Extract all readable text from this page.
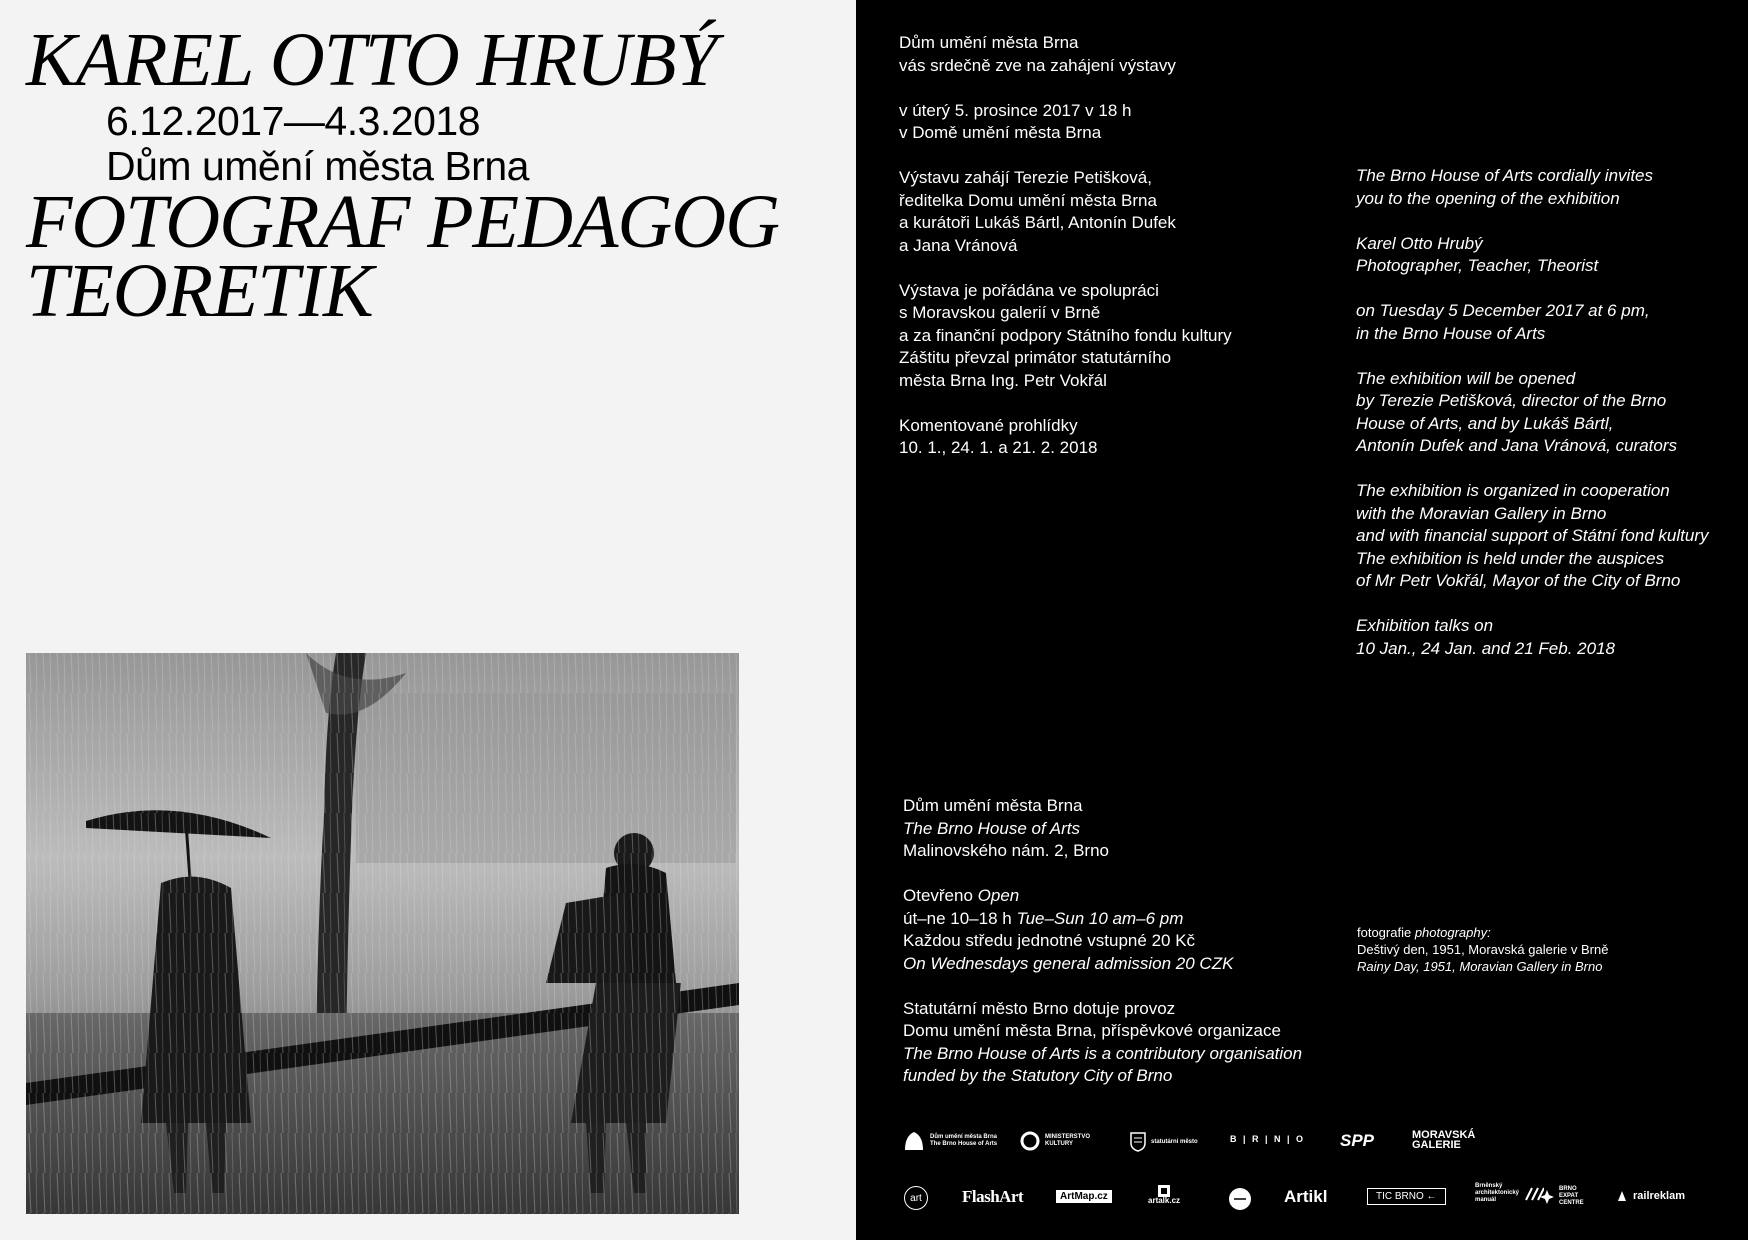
KAREL OTTO HRUBÝ
6.12.2017—4.3.2018
Dům umění města Brna
FOTOGRAF PEDAGOG
TEORETIK

Dům umění města Brna

vás srdečně zve na zahájení výstavy

v úterý 5. prosince 2017 v 18 h

v Domě umění města Brna

Výstavu zahájí Terezie Petišková,

ředitelka Domu umění města Brna

a kurátoři Lukáš Bártl, Antonín Dufek

a Jana Vránová

Výstava je pořádána ve spolupráci

s Moravskou galerií v Brně

a za finanční podpory Státního fondu kultury

Záštitu převzal primátor statutárního

města Brna Ing. Petr Vokřál

Komentované prohlídky

10. 1., 24. 1. a 21. 2. 2018

The Brno House of Arts cordially invites

you to the opening of the exhibition

Karel Otto Hrubý

Photographer, Teacher, Theorist

on Tuesday 5 December 2017 at 6 pm,

in the Brno House of Arts

The exhibition will be opened

by Terezie Petišková, director of the Brno

House of Arts, and by Lukáš Bártl,

Antonín Dufek and Jana Vránová, curators

The exhibition is organized in cooperation

with the Moravian Gallery in Brno

and with financial support of Státní fond kultury

The exhibition is held under the auspices

of Mr Petr Vokřál, Mayor of the City of Brno

Exhibition talks on

10 Jan., 24 Jan. and 21 Feb. 2018

Dům umění města Brna

The Brno House of Arts

Malinovského nám. 2, Brno

Otevřeno Open

út–ne 10–18 h Tue–Sun 10 am–6 pm

Každou středu jednotné vstupné 20 Kč

On Wednesdays general admission 20 CZK

Statutární město Brno dotuje provoz

Domu umění města Brna, příspěvkové organizace

The Brno House of Arts is a contributory organisation

funded by the Statutory City of Brno

fotografie photography:

Deštivý den, 1951, Moravská galerie v Brně

Rainy Day, 1951, Moravian Gallery in Brno

Dům umění města Brna
The Brno House of Arts
MINISTERSTVO
KULTURY	statutární město	B | R | N | O SPP	MORAVSKÁ
GALERIE
art	FlashArt	ArtMap.cz	artalk.cz	Artikl	TIC BRNO ←
Brněnský
architektonický
manuál
BRNO
EXPAT
CENTRE
railreklam
